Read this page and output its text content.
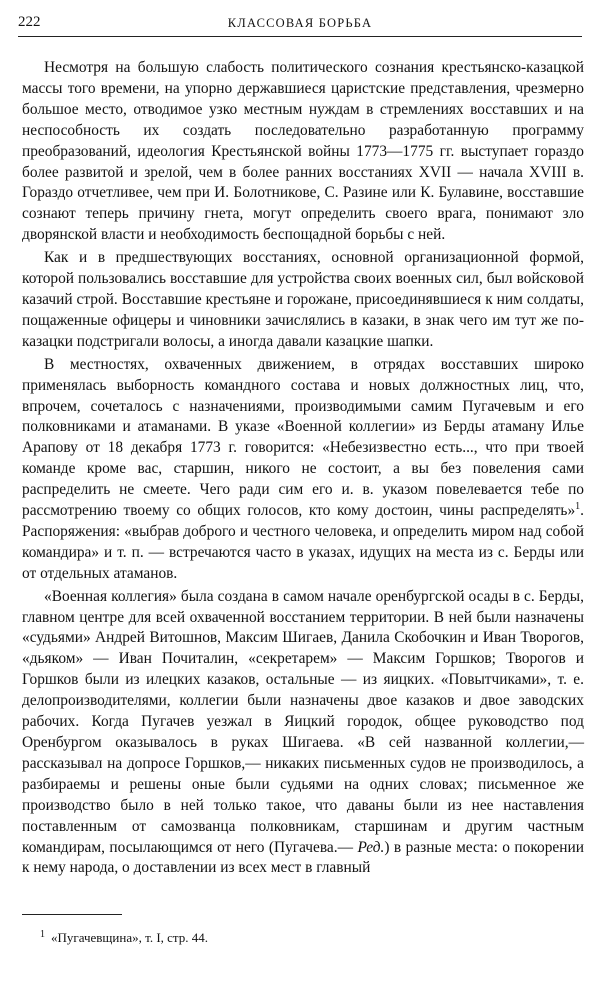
222	КЛАССОВАЯ БОРЬБА

Несмотря на большую слабость политического сознания крестьянско-казацкой массы того времени, на упорно державшиеся царистские представления, чрезмерно большое место, отводимое узко местным нуждам в стремлениях восставших и на неспособность их создать последовательно разработанную программу преобразований, идеология Крестьянской войны 1773—1775 гг. выступает гораздо более развитой и зрелой, чем в более ранних восстаниях XVII — начала XVIII в. Гораздо отчетливее, чем при И. Болотникове, С. Разине или К. Булавине, восставшие сознают теперь причину гнета, могут определить своего врага, понимают зло дворянской власти и необходимость беспощадной борьбы с ней.

Как и в предшествующих восстаниях, основной организационной формой, которой пользовались восставшие для устройства своих военных сил, был войсковой казачий строй. Восставшие крестьяне и горожане, присоединявшиеся к ним солдаты, пощаженные офицеры и чиновники зачислялись в казаки, в знак чего им тут же по-казацки подстригали волосы, а иногда давали казацкие шапки.

В местностях, охваченных движением, в отрядах восставших широко применялась выборность командного состава и новых должностных лиц, что, впрочем, сочеталось с назначениями, производимыми самим Пугачевым и его полковниками и атаманами. В указе «Военной коллегии» из Берды атаману Илье Арапову от 18 декабря 1773 г. говорится: «Небезизвестно есть..., что при твоей команде кроме вас, старшин, никого не состоит, а вы без повеления сами распределить не смеете. Чего ради сим его и. в. указом повелевается тебе по рассмотрению твоему со общих голосов, кто кому достоин, чины распределять»$^1$. Распоряжения: «выбрав доброго и честного человека, и определить миром над собой командира» и т. п. — встречаются часто в указах, идущих на места из с. Берды или от отдельных атаманов.

«Военная коллегия» была создана в самом начале оренбургской осады в с. Берды, главном центре для всей охваченной восстанием территории. В ней были назначены «судьями» Андрей Витошнов, Максим Шигаев, Данила Скобочкин и Иван Творогов, «дьяком» — Иван Почиталин, «секретарем» — Максим Горшков; Творогов и Горшков были из илецких казаков, остальные — из яицких. «Повытчиками», т. е. делопроизводителями, коллегии были назначены двое казаков и двое заводских рабочих. Когда Пугачев уезжал в Яицкий городок, общее руководство под Оренбургом оказывалось в руках Шигаева. «В сей названной коллегии,— рассказывал на допросе Горшков,— никаких письменных судов не производилось, а разбираемы и решены оные были судьями на одних словах; письменное же производство было в ней только такое, что даваны были из нее наставления поставленным от самозванца полковникам, старшинам и другим частным командирам, посылающимся от него (Пугачева.— Ред.) в разные места: о покорении к нему народа, о доставлении из всех мест в главный

$^1$ «Пугачевщина», т. I, стр. 44.
